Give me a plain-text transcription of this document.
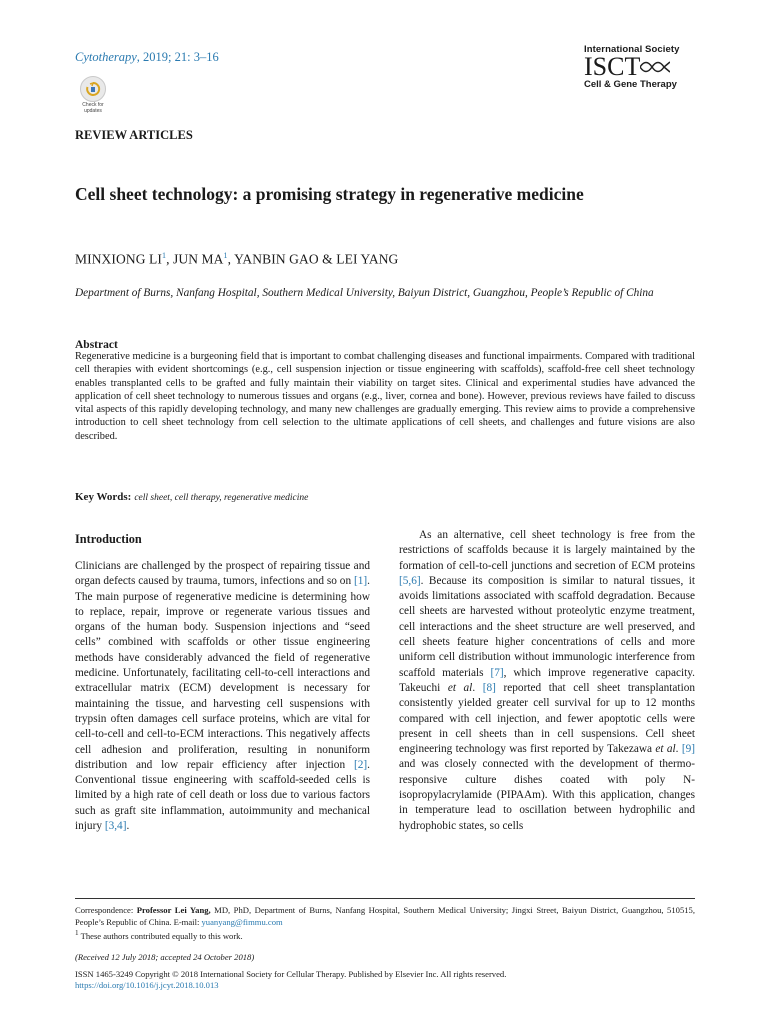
Cytotherapy, 2019; 21: 3–16
Check for
updates
International Society
ISCT
Cell & Gene Therapy
REVIEW ARTICLES
Cell sheet technology: a promising strategy in regenerative medicine
MINXIONG $LI^1$, JUN $MA^1$, YANBIN GAO & LEI YANG
Department of Burns, Nanfang Hospital, Southern Medical University, Baiyun District, Guangzhou, People’s Republic of China
Abstract
Regenerative medicine is a burgeoning field that is important to combat challenging diseases and functional impairments. Compared with traditional cell therapies with evident shortcomings (e.g., cell suspension injection or tissue engineering with scaffolds), scaffold-free cell sheet technology enables transplanted cells to be grafted and fully maintain their viability on target sites. Clinical and experimental studies have advanced the application of cell sheet technology to numerous tissues and organs (e.g., liver, cornea and bone). However, previous reviews have failed to discuss vital aspects of this rapidly developing technology, and many new challenges are gradually emerging. This review aims to provide a comprehensive introduction to cell sheet technology from cell selection to the ultimate applications of cell sheets, and challenges and future visions are also described.
Key Words: cell sheet, cell therapy, regenerative medicine
Introduction
Clinicians are challenged by the prospect of repairing tissue and organ defects caused by trauma, tumors, infections and so on [1]. The main purpose of regenerative medicine is determining how to replace, repair, improve or regenerate various tissues and organs of the human body. Suspension injections and “seed cells” combined with scaffolds or other tissue engineering methods have considerably advanced the field of regenerative medicine. Unfortunately, facilitating cell-to-cell interactions and extracellular matrix (ECM) development is necessary for maintaining the tissue, and harvesting cell suspensions with trypsin often damages cell surface proteins, which are vital for cell-to-cell and cell-to-ECM interactions. This negatively affects cell adhesion and proliferation, resulting in nonuniform distribution and low repair efficiency after injection [2]. Conventional tissue engineering with scaffold-seeded cells is limited by a high rate of cell death or loss due to various factors such as graft site inflammation, autoimmunity and mechanical injury [3,4].
As an alternative, cell sheet technology is free from the restrictions of scaffolds because it is largely maintained by the formation of cell-to-cell junctions and secretion of ECM proteins [5,6]. Because its composition is similar to natural tissues, it avoids limitations associated with scaffold degradation. Because cell sheets are harvested without proteolytic enzyme treatment, cell interactions and the sheet structure are well preserved, and cell sheets feature higher concentrations of cells and more uniform cell distribution without immunologic interference from scaffold materials [7], which improve regenerative capacity. Takeuchi et al. [8] reported that cell sheet transplantation consistently yielded greater cell survival for up to 12 months compared with cell injection, and fewer apoptotic cells were present in cell sheets than in cell suspensions. Cell sheet engineering technology was first reported by Takezawa et al. [9] and was closely connected with the development of thermo-responsive culture dishes coated with poly N-isopropylacrylamide (PIPAAm). With this application, changes in temperature lead to oscillation between hydrophilic and hydrophobic states, so cells
Correspondence: Professor Lei Yang, MD, PhD, Department of Burns, Nanfang Hospital, Southern Medical University; Jingxi Street, Baiyun District, Guangzhou, 510515, People’s Republic of China. E-mail: yuanyang@fimmu.com
$^1$ These authors contributed equally to this work.
(Received 12 July 2018; accepted 24 October 2018)
ISSN 1465-3249 Copyright © 2018 International Society for Cellular Therapy. Published by Elsevier Inc. All rights reserved.
https://doi.org/10.1016/j.jcyt.2018.10.013
